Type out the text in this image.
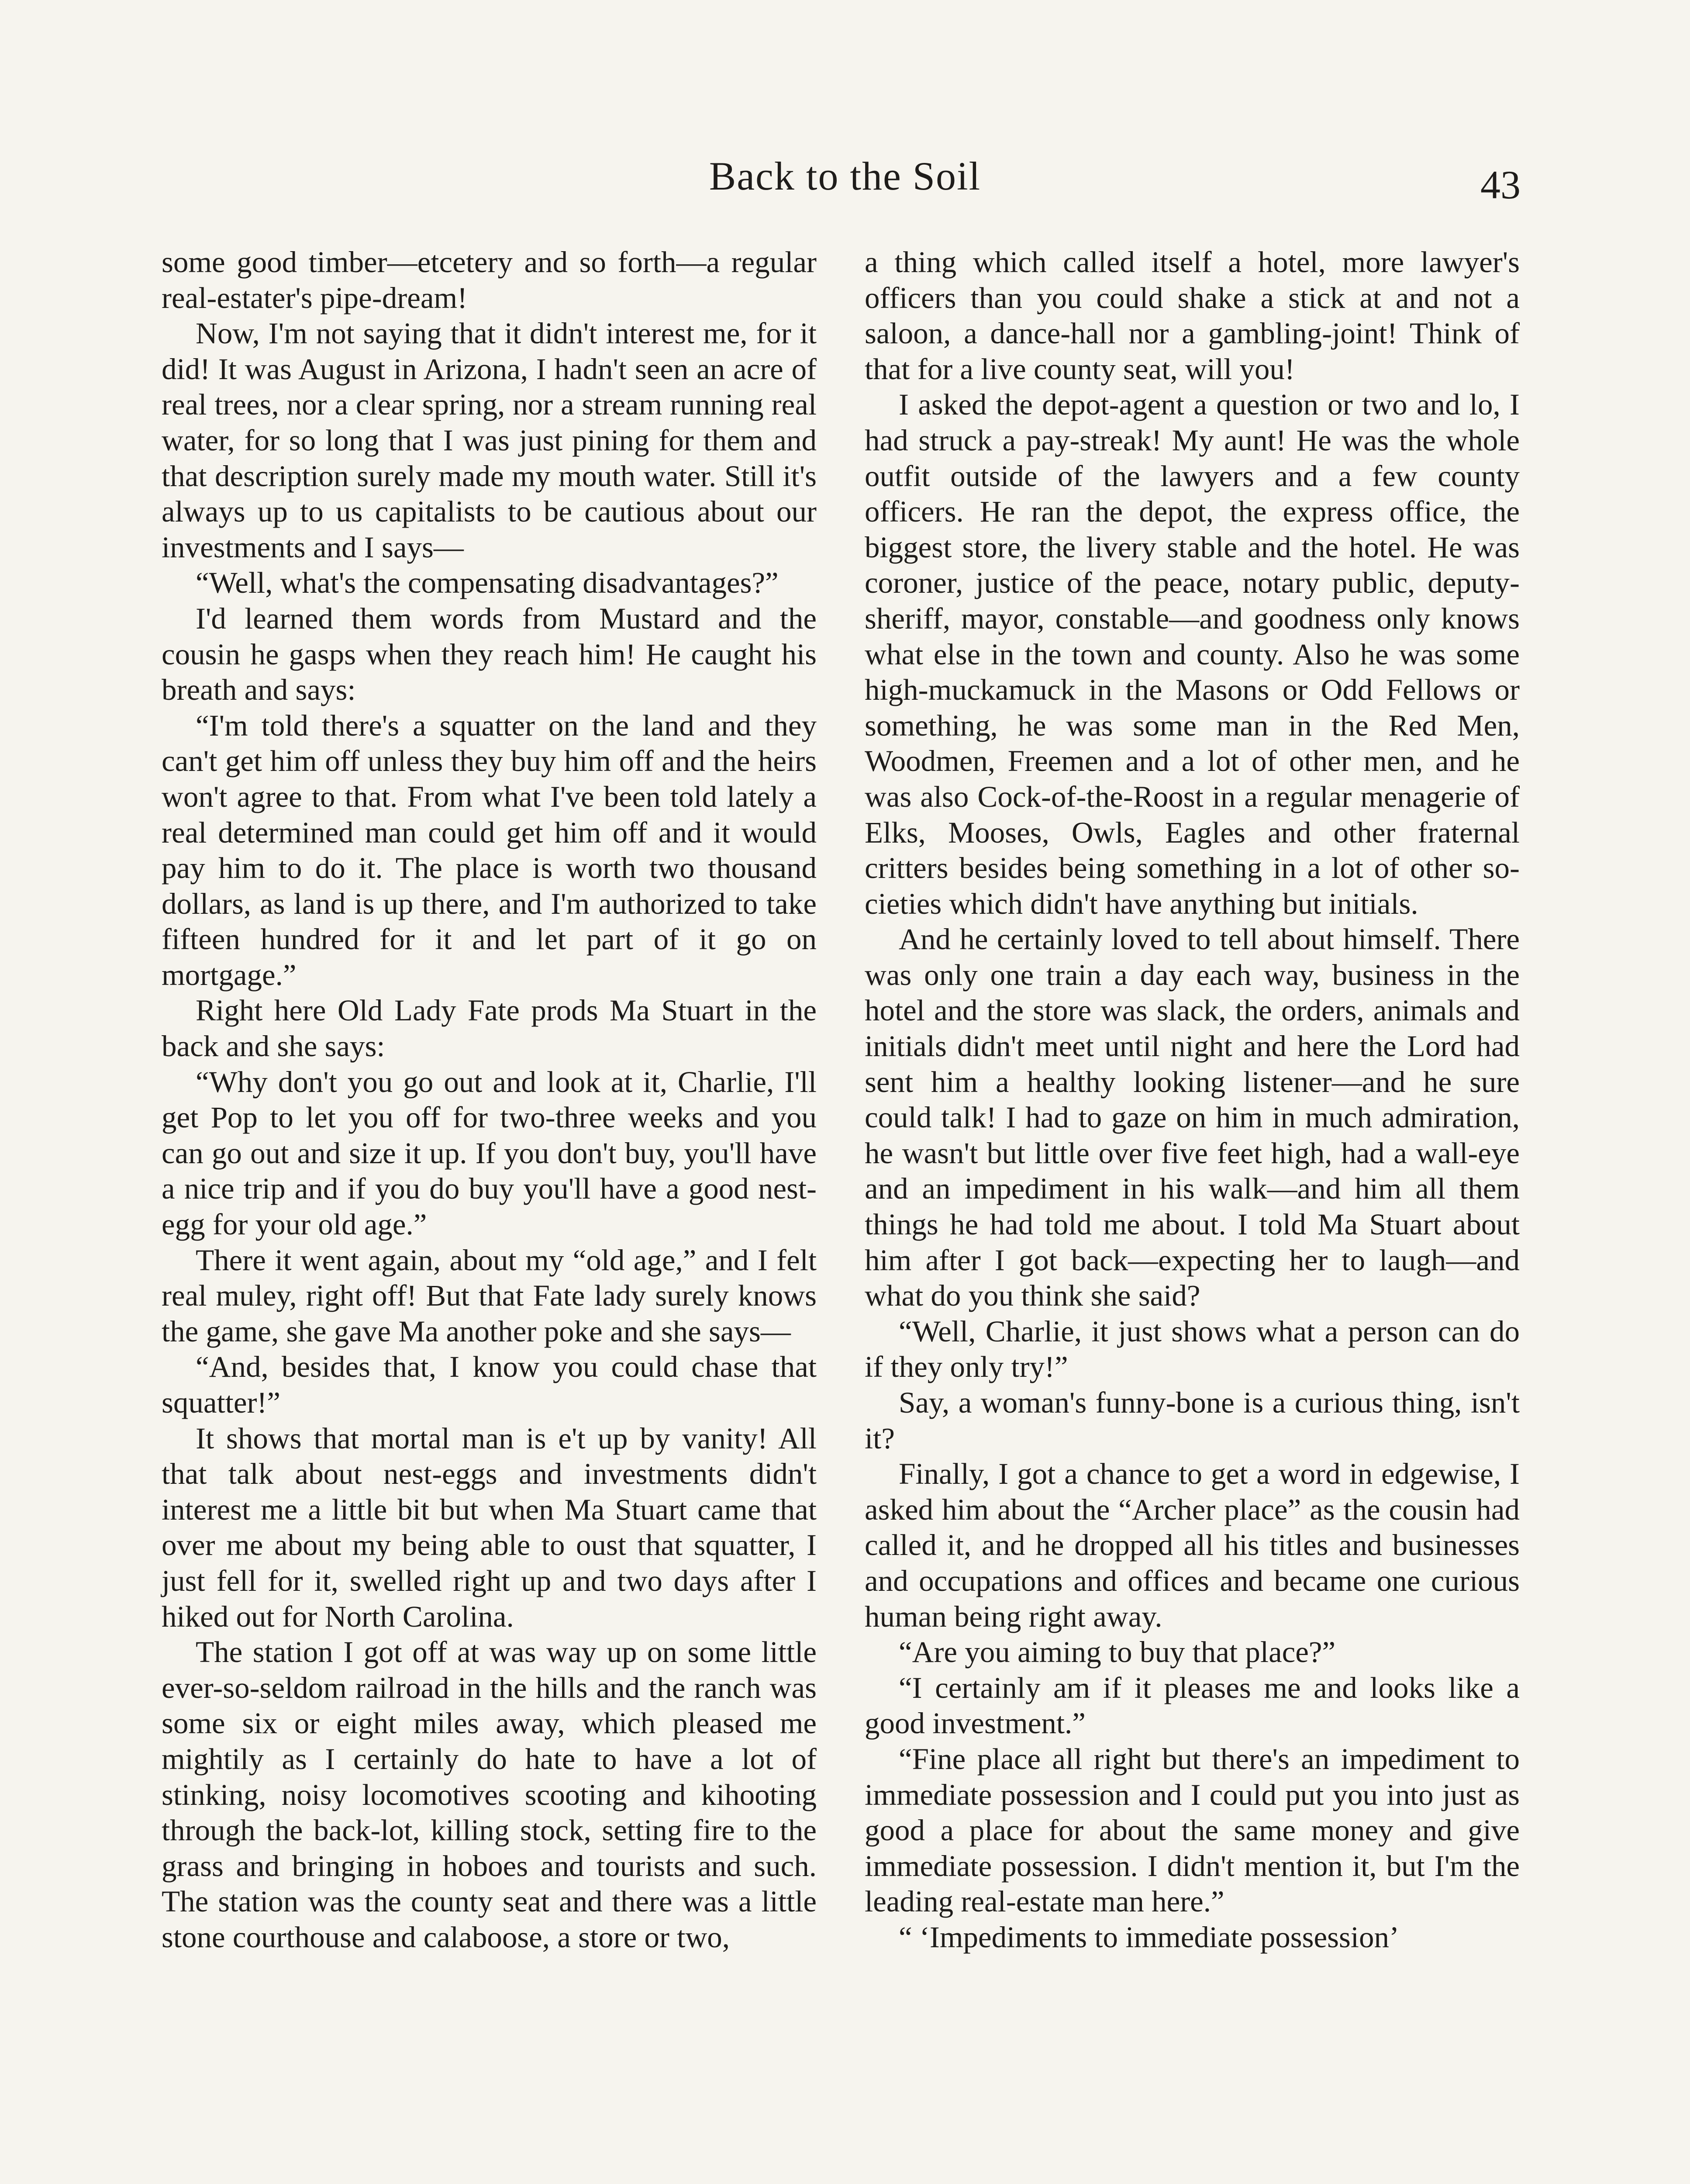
Back to the Soil	43

some good timber—etcetery and so forth—a regular real-estater's pipe-dream!

Now, I'm not saying that it didn't interest me, for it did! It was August in Arizona, I hadn't seen an acre of real trees, nor a clear spring, nor a stream running real water, for so long that I was just pining for them and that description surely made my mouth water. Still it's always up to us capitalists to be cautious about our investments and I says—

“Well, what's the compensating disadvantages?”

I'd learned them words from Mustard and the cousin he gasps when they reach him! He caught his breath and says:

“I'm told there's a squatter on the land and they can't get him off unless they buy him off and the heirs won't agree to that. From what I've been told lately a real determined man could get him off and it would pay him to do it. The place is worth two thousand dollars, as land is up there, and I'm authorized to take fifteen hundred for it and let part of it go on mortgage.”

Right here Old Lady Fate prods Ma Stuart in the back and she says:

“Why don't you go out and look at it, Charlie, I'll get Pop to let you off for two-three weeks and you can go out and size it up. If you don't buy, you'll have a nice trip and if you do buy you'll have a good nest-egg for your old age.”

There it went again, about my “old age,” and I felt real muley, right off! But that Fate lady surely knows the game, she gave Ma another poke and she says—

“And, besides that, I know you could chase that squatter!”

It shows that mortal man is e't up by vanity! All that talk about nest-eggs and investments didn't interest me a little bit but when Ma Stuart came that over me about my being able to oust that squatter, I just fell for it, swelled right up and two days after I hiked out for North Carolina.

The station I got off at was way up on some little ever-so-seldom railroad in the hills and the ranch was some six or eight miles away, which pleased me mightily as I certainly do hate to have a lot of stinking, noisy locomotives scooting and kihooting through the back-lot, killing stock, setting fire to the grass and bringing in hoboes and tourists and such. The station was the county seat and there was a little stone courthouse and calaboose, a store or two,

a thing which called itself a hotel, more lawyer's officers than you could shake a stick at and not a saloon, a dance-hall nor a gambling-joint! Think of that for a live county seat, will you!

I asked the depot-agent a question or two and lo, I had struck a pay-streak! My aunt! He was the whole outfit outside of the lawyers and a few county officers. He ran the depot, the express office, the biggest store, the livery stable and the hotel. He was coroner, justice of the peace, notary public, deputy-sheriff, mayor, constable—and goodness only knows what else in the town and county. Also he was some high-muckamuck in the Masons or Odd Fellows or something, he was some man in the Red Men, Woodmen, Freemen and a lot of other men, and he was also Cock-of-the-Roost in a regular menagerie of Elks, Mooses, Owls, Eagles and other fraternal critters besides being something in a lot of other societies which didn't have anything but initials.

And he certainly loved to tell about himself. There was only one train a day each way, business in the hotel and the store was slack, the orders, animals and initials didn't meet until night and here the Lord had sent him a healthy looking listener—and he sure could talk! I had to gaze on him in much admiration, he wasn't but little over five feet high, had a wall-eye and an impediment in his walk—and him all them things he had told me about. I told Ma Stuart about him after I got back—expecting her to laugh—and what do you think she said?

“Well, Charlie, it just shows what a person can do if they only try!”

Say, a woman's funny-bone is a curious thing, isn't it?

Finally, I got a chance to get a word in edgewise, I asked him about the “Archer place” as the cousin had called it, and he dropped all his titles and businesses and occupations and offices and became one curious human being right away.

“Are you aiming to buy that place?”

“I certainly am if it pleases me and looks like a good investment.”

“Fine place all right but there's an impediment to immediate possession and I could put you into just as good a place for about the same money and give immediate possession. I didn't mention it, but I'm the leading real-estate man here.”

“ ‘Impediments to immediate possession’
